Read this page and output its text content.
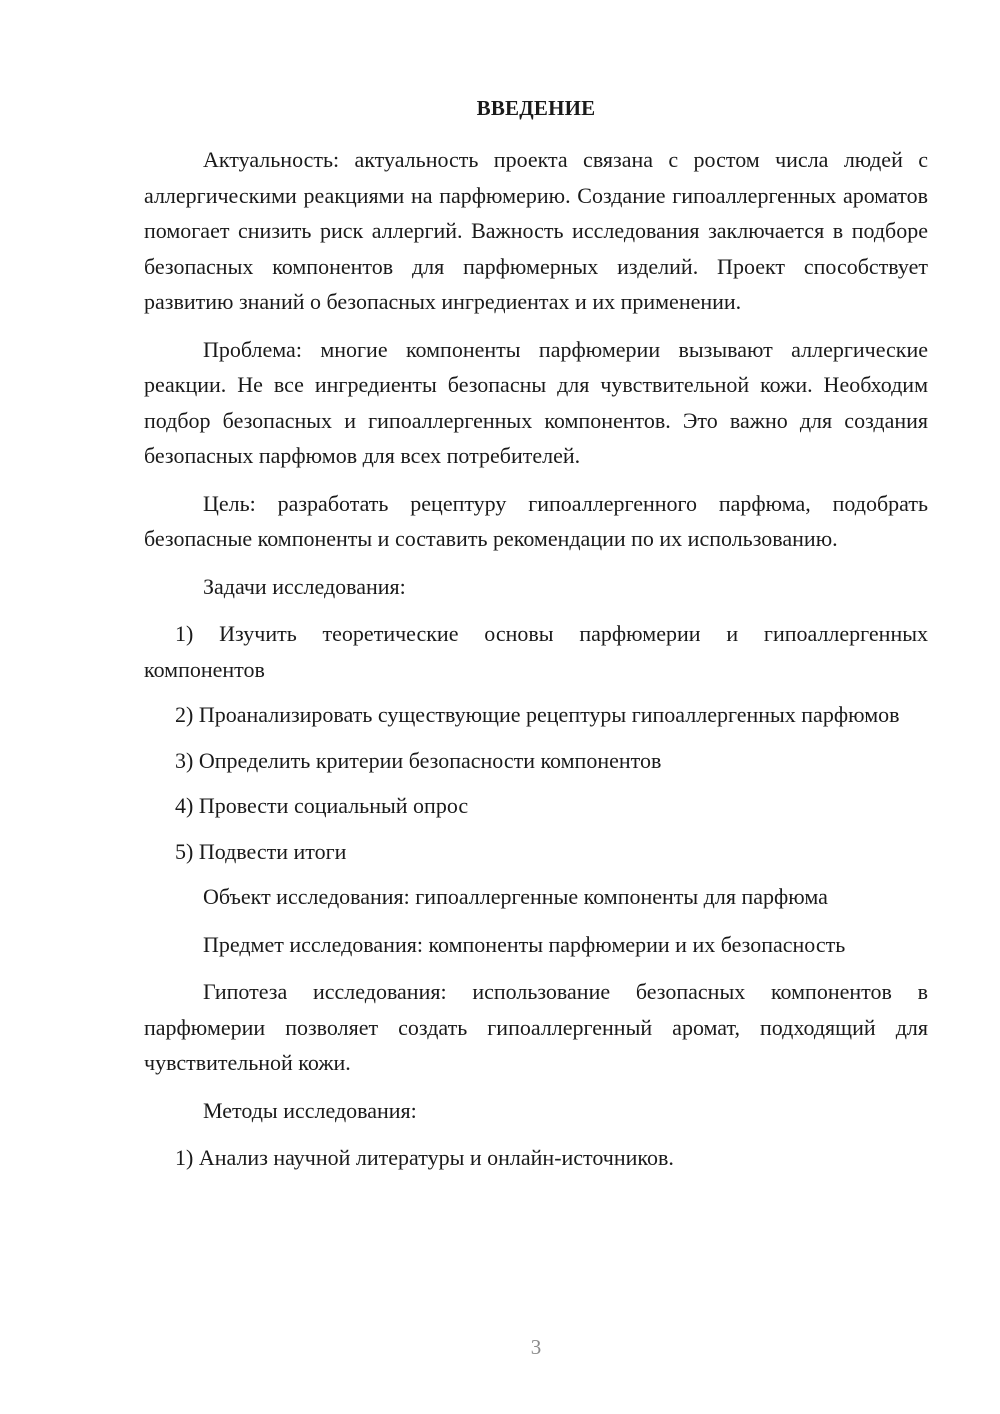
ВВЕДЕНИЕ

Актуальность: актуальность проекта связана с ростом числа людей с аллергическими реакциями на парфюмерию. Создание гипоаллергенных ароматов помогает снизить риск аллергий. Важность исследования заключается в подборе безопасных компонентов для парфюмерных изделий. Проект способствует развитию знаний о безопасных ингредиентах и их применении.

Проблема: многие компоненты парфюмерии вызывают аллергические реакции. Не все ингредиенты безопасны для чувствительной кожи. Необходим подбор безопасных и гипоаллергенных компонентов. Это важно для создания безопасных парфюмов для всех потребителей.

Цель: разработать рецептуру гипоаллергенного парфюма, подобрать безопасные компоненты и составить рекомендации по их использованию.

Задачи исследования:

1) Изучить теоретические основы парфюмерии и гипоаллергенных компонентов

2) Проанализировать существующие рецептуры гипоаллергенных парфюмов

3) Определить критерии безопасности компонентов

4) Провести социальный опрос

5) Подвести итоги

Объект исследования: гипоаллергенные компоненты для парфюма

Предмет исследования: компоненты парфюмерии и их безопасность

Гипотеза исследования: использование безопасных компонентов в парфюмерии позволяет создать гипоаллергенный аромат, подходящий для чувствительной кожи.

Методы исследования:

1) Анализ научной литературы и онлайн-источников.

3
